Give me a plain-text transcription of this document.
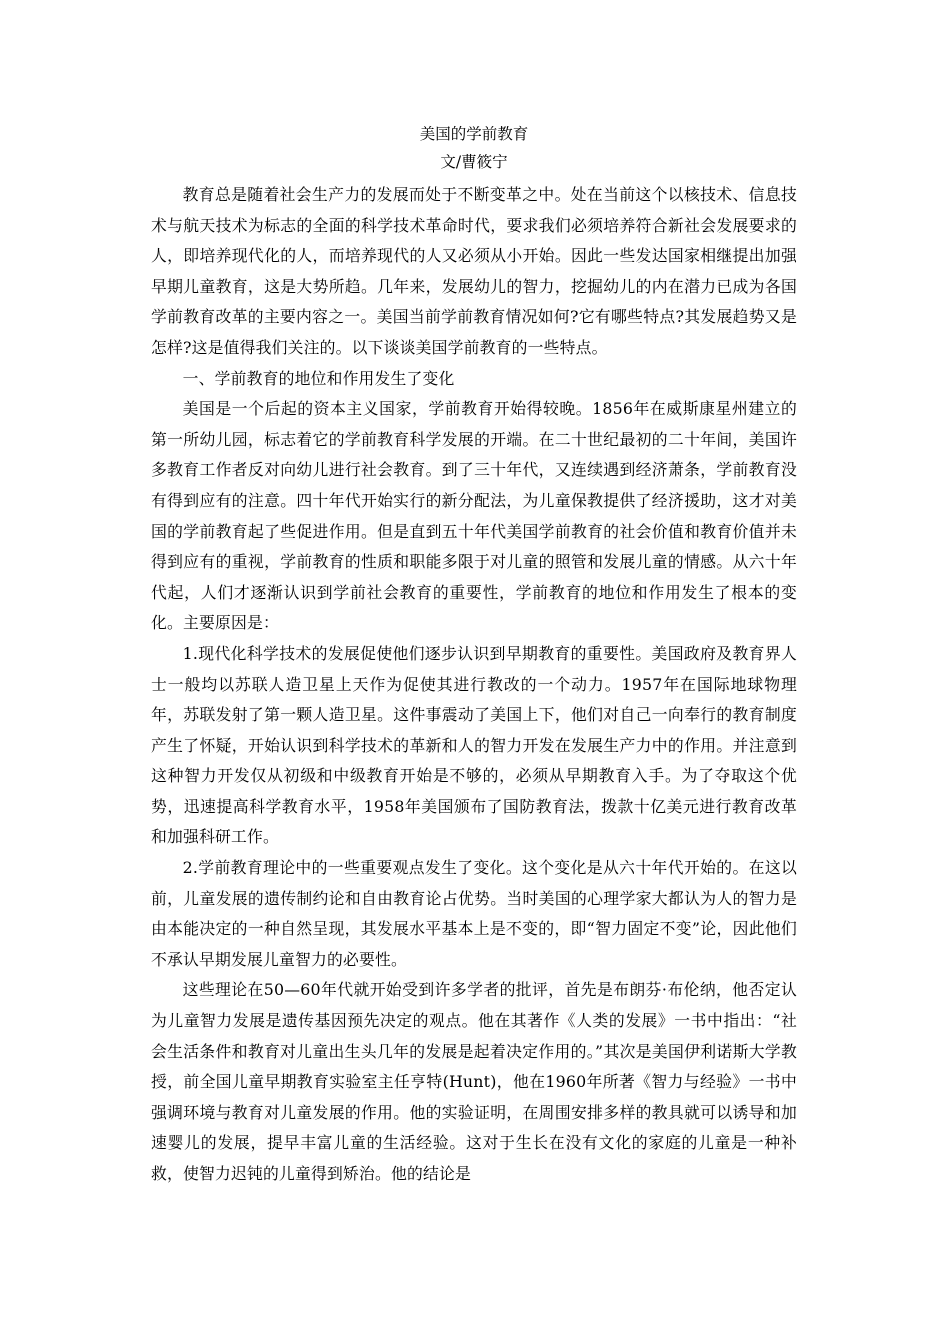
美国的学前教育
文/曹筱宁

教育总是随着社会生产力的发展而处于不断变革之中。处在当前这个以核技术、信息技术与航天技术为标志的全面的科学技术革命时代，要求我们必须培养符合新社会发展要求的人，即培养现代化的人，而培养现代的人又必须从小开始。因此一些发达国家相继提出加强早期儿童教育，这是大势所趋。几年来，发展幼儿的智力，挖掘幼儿的内在潜力已成为各国学前教育改革的主要内容之一。美国当前学前教育情况如何?它有哪些特点?其发展趋势又是怎样?这是值得我们关注的。以下谈谈美国学前教育的一些特点。

一、学前教育的地位和作用发生了变化

美国是一个后起的资本主义国家，学前教育开始得较晚。1856年在威斯康星州建立的第一所幼儿园，标志着它的学前教育科学发展的开端。在二十世纪最初的二十年间，美国许多教育工作者反对向幼儿进行社会教育。到了三十年代，又连续遇到经济萧条，学前教育没有得到应有的注意。四十年代开始实行的新分配法，为儿童保教提供了经济援助，这才对美国的学前教育起了些促进作用。但是直到五十年代美国学前教育的社会价值和教育价值并未得到应有的重视，学前教育的性质和职能多限于对儿童的照管和发展儿童的情感。从六十年代起，人们才逐渐认识到学前社会教育的重要性，学前教育的地位和作用发生了根本的变化。主要原因是：

1.现代化科学技术的发展促使他们逐步认识到早期教育的重要性。美国政府及教育界人士一般均以苏联人造卫星上天作为促使其进行教改的一个动力。1957年在国际地球物理年，苏联发射了第一颗人造卫星。这件事震动了美国上下，他们对自己一向奉行的教育制度产生了怀疑，开始认识到科学技术的革新和人的智力开发在发展生产力中的作用。并注意到这种智力开发仅从初级和中级教育开始是不够的，必须从早期教育入手。为了夺取这个优势，迅速提高科学教育水平，1958年美国颁布了国防教育法，拨款十亿美元进行教育改革和加强科研工作。

2.学前教育理论中的一些重要观点发生了变化。这个变化是从六十年代开始的。在这以前，儿童发展的遗传制约论和自由教育论占优势。当时美国的心理学家大都认为人的智力是由本能决定的一种自然呈现，其发展水平基本上是不变的，即“智力固定不变”论，因此他们不承认早期发展儿童智力的必要性。

这些理论在50—60年代就开始受到许多学者的批评，首先是布朗芬·布伦纳，他否定认为儿童智力发展是遗传基因预先决定的观点。他在其著作《人类的发展》一书中指出：“社会生活条件和教育对儿童出生头几年的发展是起着决定作用的。”其次是美国伊利诺斯大学教授，前全国儿童早期教育实验室主任亨特(Hunt)，他在1960年所著《智力与经验》一书中强调环境与教育对儿童发展的作用。他的实验证明，在周围安排多样的教具就可以诱导和加速婴儿的发展，提早丰富儿童的生活经验。这对于生长在没有文化的家庭的儿童是一种补救，使智力迟钝的儿童得到矫治。他的结论是
